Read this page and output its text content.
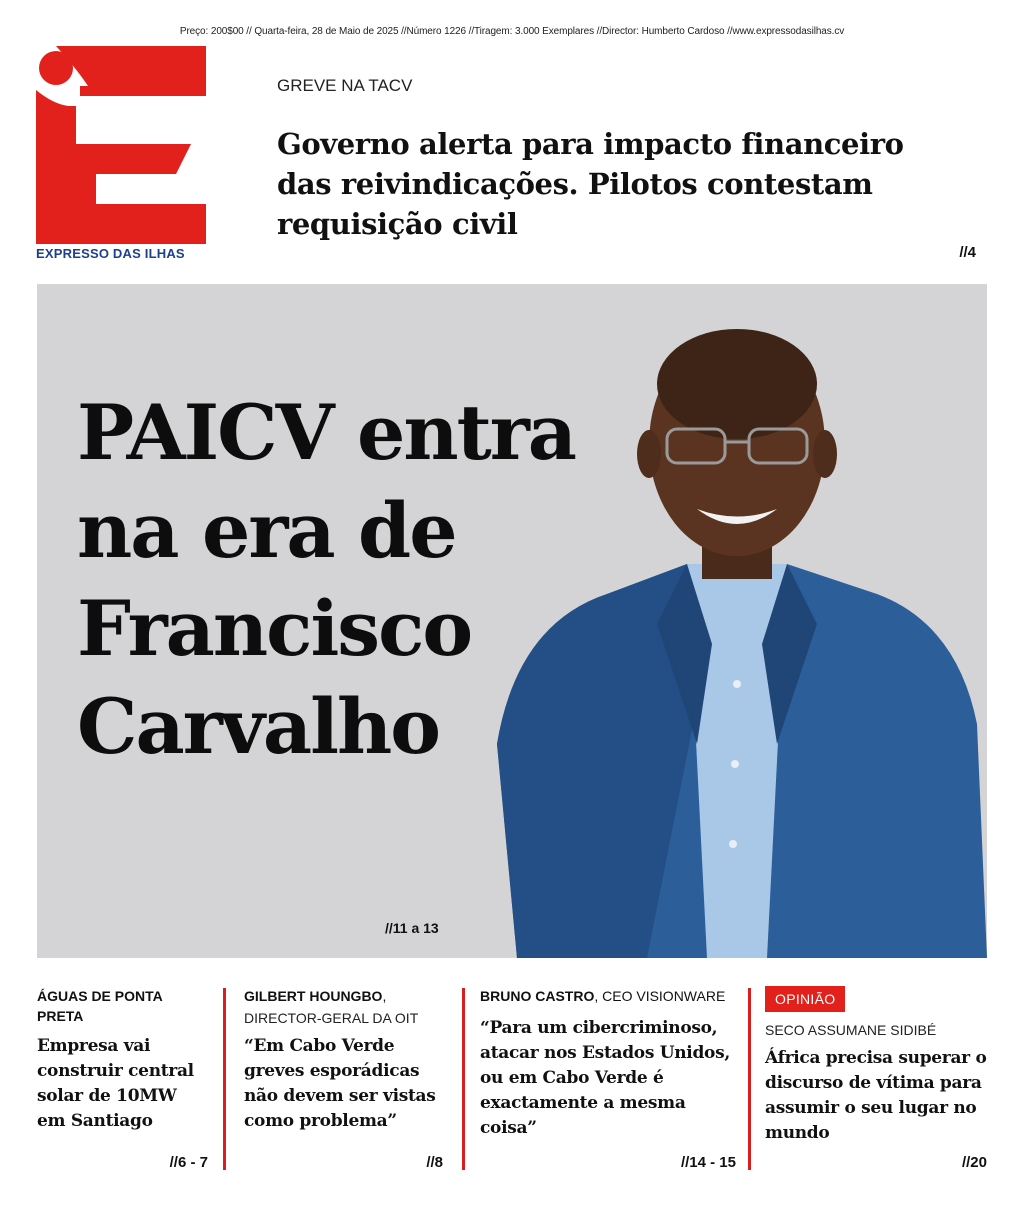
Preço: 200$00 // Quarta-feira, 28 de Maio de 2025 //Número 1226 //Tiragem: 3.000 Exemplares //Director: Humberto Cardoso //www.expressodasilhas.cv
EXPRESSO DAS ILHAS
GREVE NA TACV
Governo alerta para impacto financeiro das reivindicações. Pilotos contestam requisição civil
//4
PAICV entra
na era de
Francisco
Carvalho
//11 a 13
ÁGUAS DE PONTA PRETA
Empresa vai construir central solar de 10MW em Santiago
//6 - 7
GILBERT HOUNGBO,
DIRECTOR-GERAL DA OIT
“Em Cabo Verde greves esporádicas não devem ser vistas como problema”
//8
BRUNO CASTRO, CEO VISIONWARE
“Para um cibercriminoso, atacar nos Estados Unidos, ou em Cabo Verde é exactamente a mesma coisa”
//14 - 15
OPINIÃO
SECO ASSUMANE SIDIBÉ
África precisa superar o discurso de vítima para assumir o seu lugar no mundo
//20
